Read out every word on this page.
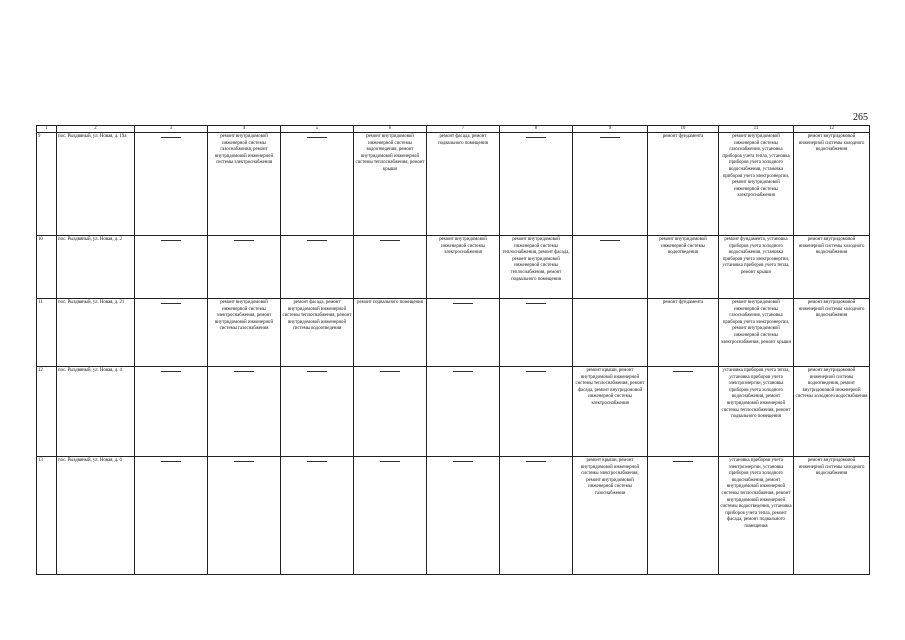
265
1	2	3	4	5	6	7	8	9	10	11	12
9	пос. Рыздвяный, ул. Новая, д. 19а		ремонт внутридомовой инженерной системы газоснабжения, ремонт внутридомовой инженерной системы электроснабжения		ремонт внутридомовой инженерной системы водоотведения, ремонт внутридомовой инженерной системы теплоснабжения, ремонт крыши	ремонт фасада, ремонт подвального помещения			ремонт фундамента	ремонт внутридомовой инженерной системы газоснабжения, установка приборов учета тепла, установка приборов учета холодного водоснабжения, установка приборов учета электроэнергии, ремонт внутридомовой инженерной системы электроснабжения	ремонт внутридомовой инженерной системы холодного водоснабжения
10	пос. Рыздвяный, ул. Новая, д. 2					ремонт внутридомовой инженерной системы электроснабжения	ремонт внутридомовой инженерной системы теплоснабжения, ремонт фасада, ремонт внутридомовой инженерной системы теплоснабжения, ремонт подвального помещения		ремонт внутридомовой инженерной системы водоотведения	ремонт фундамента, установка приборов учета холодного водоснабжения, установка приборов учета электроэнергии, установка приборов учета тепла, ремонт крыши	ремонт внутридомовой инженерной системы холодного водоснабжения
11	пос. Рыздвяный, ул. Новая, д. 21		ремонт внутридомовой инженерной системы электроснабжения, ремонт внутридомовой инженерной системы газоснабжения	ремонт фасада, ремонт внутридомовой инженерной системы теплоснабжения, ремонт внутридомовой инженерной системы водоотведения	ремонт подвального помещения				ремонт фундамента	ремонт внутридомовой инженерной системы газоснабжения, установка приборов учета электроэнергии, ремонт внутридомовой инженерной системы электроснабжения, ремонт крыши	ремонт внутридомовой инженерной системы холодного водоснабжения
12	пос. Рыздвяный, ул. Новая, д. 4							ремонт крыши, ремонт внутридомовой инженерной системы теплоснабжения, ремонт фасада, ремонт внутридомовой инженерной системы электроснабжения		установка приборов учета тепла, установка приборов учета электроэнергии, установка приборов учета холодного водоснабжения, ремонт внутридомовой инженерной системы теплоснабжения, ремонт подвального помещения	ремонт внутридомовой инженерной системы водоотведения, ремонт внутридомовой инженерной системы холодного водоснабжения
13	пос. Рыздвяный, ул. Новая, д. 6							ремонт крыши, ремонт внутридомовой инженерной системы электроснабжения, ремонт внутридомовой инженерной системы газоснабжения		установка приборов учета электроэнергии, установка приборов учета холодного водоснабжения, ремонт внутридомовой инженерной системы теплоснабжения, ремонт внутридомовой инженерной системы водоотведения, установка приборов учета тепла, ремонт фасада, ремонт подвального помещения	ремонт внутридомовой инженерной системы холодного водоснабжения
